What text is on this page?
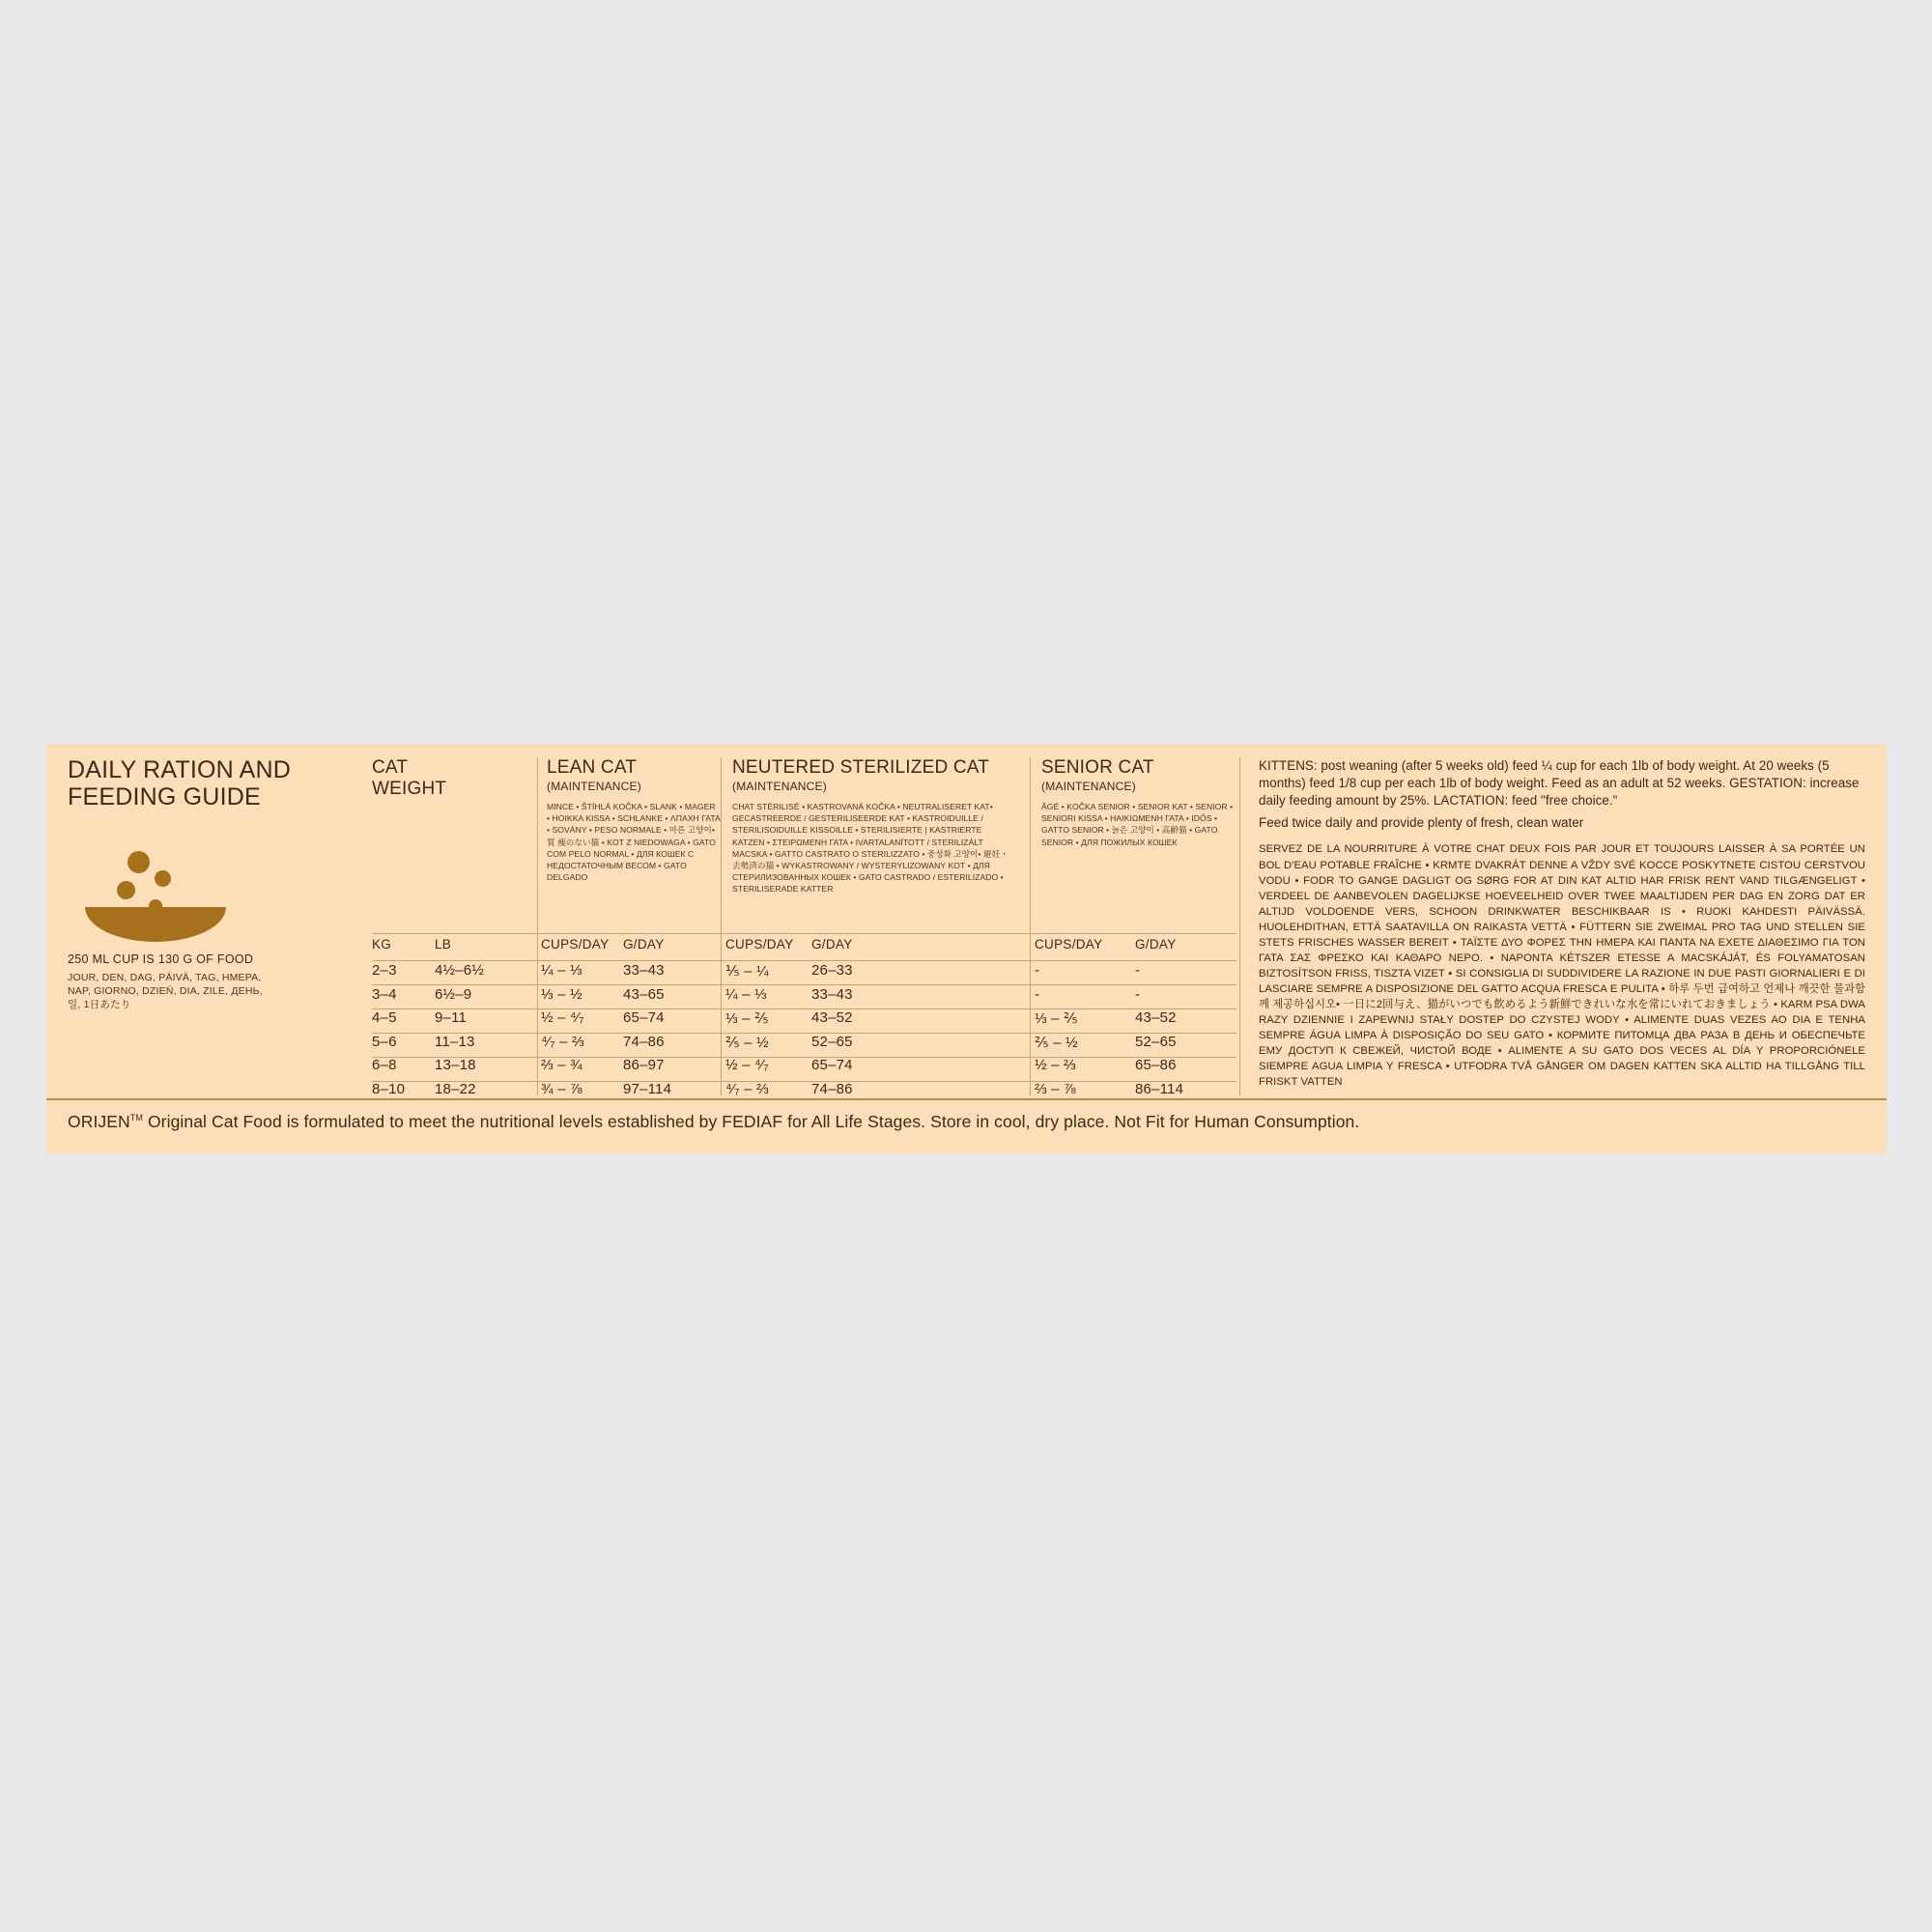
DAILY RATION AND
FEEDING GUIDE
250 ML CUP IS 130 G OF FOOD
JOUR, DEN, DAG, PÄIVÄ, TAG, HMEPA, NAP, GIORNO, DZIEŃ, DIA, ZILE, ДЕНЬ, 일, 1日あたり
CAT
WEIGHT
LEAN CAT
(MAINTENANCE)
MINCE • ŠTÍHLÁ KOČKA • SLANK • MAGER • HOIKKA KISSA • SCHLANKE • ΛΠΑΧΗ ΓΑΤΑ • SOVÁNY • PESO NORMALE • 마른 고양이• 質 痩のない猫 • KOT Z NIEDOWAGA • GATO COM PELO NORMAL • ДЛЯ КОШЕК С НЕДОСТАТОЧНЫМ ВЕСОМ • GATO DELGADO
NEUTERED STERILIZED CAT
(MAINTENANCE)
CHAT STÉRILISÉ • KASTROVANÁ KOČKA • NEUTRALISERET KAT• GECASTREERDE / GESTERILISEERDE KAT • KASTROIDUILLE / STERILISOIDUILLE KISSOILLE • STERILISIERTE | KASTRIERTE KATZEN • ΣΤΕΙΡΩΜΕΝΗ ΓΑΤΑ • IVARTALANÍTOTT / STERILIZÁLT MACSKA • GATTO CASTRATO O STERILIZZATO • 중성화 고양이• 避妊・去勢済の猫 • WYKASTROWANY / WYSTERYLIZOWANY KOT • ДЛЯ СТЕРИЛИЗОВАННЫХ КОШЕК • GATO CASTRADO / ESTERILIZADO • STERILISERADE KATTER
SENIOR CAT
(MAINTENANCE)
ÂGÉ • KOČKA SENIOR • SENIOR KAT • SENIOR • SENIORI KISSA • HAIΚΙΩΜΕΝΗ ΓΑΤΑ • IDŐS • GATTO SENIOR • 늙은 고양이 • 高齢猫 • GATO SENIOR • ДЛЯ ПОЖИЛЫХ КОШЕК
KG	LB	CUPS/DAY G/DAY	CUPS/DAY G/DAY	CUPS/DAY G/DAY
2–3	4½–6½	¼ – ⅓	33–43	⅕ – ¼	26–33	-	-
3–4	6½–9	⅓ – ½	43–65	¼ – ⅓	33–43	-	-
4–5	9–11	½ – ⁴⁄₇	65–74	⅓ – ⅖	43–52	⅓ – ⅖	43–52
5–6	11–13	⁴⁄₇ – ⅔	74–86	⅖ – ½	52–65	⅖ – ½	52–65
6–8	13–18	⅔ – ¾	86–97	½ – ⁴⁄₇	65–74	½ – ⅔	65–86
8–10 18–22	¾ – ⅞	97–114	⁴⁄₇ – ⅔	74–86	⅔ – ⅞	86–114
KITTENS: post weaning (after 5 weeks old) feed ¼ cup for each 1lb of body weight. At 20 weeks (5 months) feed 1/8 cup per each 1lb of body weight. Feed as an adult at 52 weeks. GESTATION: increase daily feeding amount by 25%. LACTATION: feed "free choice."
Feed twice daily and provide plenty of fresh, clean water
SERVEZ DE LA NOURRITURE À VOTRE CHAT DEUX FOIS PAR JOUR ET TOUJOURS LAISSER À SA PORTÉE UN BOL D'EAU POTABLE FRAÎCHE • KRMTE DVAKRÁT DENNE A VŽDY SVÉ KOCCE POSKYTNETE CISTOU CERSTVOU VODU • FODR TO GANGE DAGLIGT OG SØRG FOR AT DIN KAT ALTID HAR FRISK RENT VAND TILGÆNGELIGT • VERDEEL DE AANBEVOLEN DAGELIJKSE HOEVEELHEID OVER TWEE MAALTIJDEN PER DAG EN ZORG DAT ER ALTIJD VOLDOENDE VERS, SCHOON DRINKWATER BESCHIKBAAR IS • RUOKI KAHDESTI PÄIVÄSSÄ. HUOLEHDITHAN, ETTÄ SAATAVILLA ON RAIKASTA VETTÄ • FÜTTERN SIE ZWEIMAL PRO TAG UND STELLEN SIE STETS FRISCHES WASSER BEREIT • ΤΑΪΣΤΕ ΔΥΟ ΦΟΡΕΣ ΤΗΝ ΗΜΕΡΑ ΚΑΙ ΠΑΝΤΑ ΝΑ ΕΧΕΤΕ ΔΙΑΘΕΣΙΜΟ ΓΙΑ ΤΟΝ ΓΑΤΑ ΣΑΣ ΦΡΕΣΚΟ ΚΑΙ ΚΑΘΑΡΟ ΝΕΡΟ. • ΝΑΡΟΝΤΑ ΚÉΤSΖΕR ETESSE A MACSKÁJÁT, ÉS FOLYAMATOSAN BIZTOSÍTSON FRISS, TISZTA VIZET • SI CONSIGLIA DI SUDDIVIDERE LA RAZIONE IN DUE PASTI GIORNALIERI E DI LASCIARE SEMPRE A DISPOSIZIONE DEL GATTO ACQUA FRESCA E PULITA • 하루 두번 급여하고 언제나 깨끗한 물과함께 제공하십시오• 一日に2回与え、猫がいつでも飲めるよう新鮮できれいな水を常にいれておきましょう • KARM PSA DWA RAZY DZIENNIE I ZAPEWNIJ STAŁY DOSTEP DO CZYSTEJ WODY • ALIMENTE DUAS VEZES AO DIA E TENHA SEMPRE ÁGUA LIMPA À DISPOSIÇÃO DO SEU GATO • КОРМИТЕ ПИТОМЦА ДВА РАЗА В ДЕНЬ И ОБЕСПЕЧЬТЕ ЕМУ ДОСТУП К СВЕЖЕЙ, ЧИСТОЙ ВОДЕ • ALIMENTE A SU GATO DOS VECES AL DÍA Y PROPORCIÓNELE SIEMPRE AGUA LIMPIA Y FRESCA • UTFODRA TVÅ GÅNGER OM DAGEN KATTEN SKA ALLTID HA TILLGÅNG TILL FRISKT VATTEN
ORIJEN™ Original Cat Food is formulated to meet the nutritional levels established by FEDIAF for All Life Stages. Store in cool, dry place. Not Fit for Human Consumption.
